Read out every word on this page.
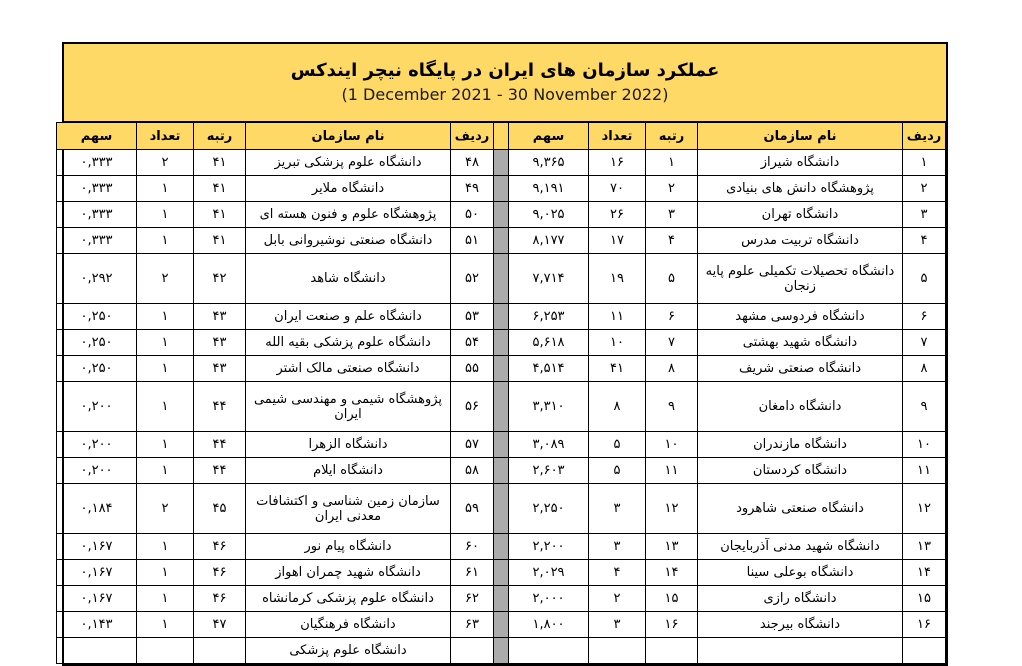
عملکرد سازمان های ایران در پایگاه نیچر ایندکس
(1 December 2021 - 30 November 2022)
ردیف	نام سازمان	رتبه	تعداد	سهم		ردیف	نام سازمان	رتبه	تعداد	سهم
۱	دانشگاه شیراز	۱	۱۶	۹,۳۶۵		۴۸	دانشگاه علوم پزشکی تبریز	۴۱	۲	۰,۳۳۳
۲	پژوهشگاه دانش های بنیادی	۲	۷۰	۹,۱۹۱		۴۹	دانشگاه ملایر	۴۱	۱	۰,۳۳۳
۳	دانشگاه تهران	۳	۲۶	۹,۰۲۵		۵۰	پژوهشگاه علوم و فنون هسته ای	۴۱	۱	۰,۳۳۳
۴	دانشگاه تربیت مدرس	۴	۱۷	۸,۱۷۷		۵۱	دانشگاه صنعتی نوشیروانی بابل	۴۱	۱	۰,۳۳۳
۵	دانشگاه تحصیلات تکمیلی علوم پایه زنجان	۵	۱۹	۷,۷۱۴		۵۲	دانشگاه شاهد	۴۲	۲	۰,۲۹۲
۶	دانشگاه فردوسی مشهد	۶	۱۱	۶,۲۵۳		۵۳	دانشگاه علم و صنعت ایران	۴۳	۱	۰,۲۵۰
۷	دانشگاه شهید بهشتی	۷	۱۰	۵,۶۱۸		۵۴	دانشگاه علوم پزشکی بقیه الله	۴۳	۱	۰,۲۵۰
۸	دانشگاه صنعتی شریف	۸	۴۱	۴,۵۱۴		۵۵	دانشگاه صنعتی مالک اشتر	۴۳	۱	۰,۲۵۰
۹	دانشگاه دامغان	۹	۸	۳,۳۱۰		۵۶	پژوهشگاه شیمی و مهندسی شیمی ایران	۴۴	۱	۰,۲۰۰
۱۰	دانشگاه مازندران	۱۰	۵	۳,۰۸۹		۵۷	دانشگاه الزهرا	۴۴	۱	۰,۲۰۰
۱۱	دانشگاه کردستان	۱۱	۵	۲,۶۰۳		۵۸	دانشگاه ایلام	۴۴	۱	۰,۲۰۰
۱۲	دانشگاه صنعتی شاهرود	۱۲	۳	۲,۲۵۰		۵۹	سازمان زمین شناسی و اکتشافات معدنی ایران	۴۵	۲	۰,۱۸۴
۱۳	دانشگاه شهید مدنی آذربایجان	۱۳	۳	۲,۲۰۰		۶۰	دانشگاه پیام نور	۴۶	۱	۰,۱۶۷
۱۴	دانشگاه بوعلی سینا	۱۴	۴	۲,۰۲۹		۶۱	دانشگاه شهید چمران اهواز	۴۶	۱	۰,۱۶۷
۱۵	دانشگاه رازی	۱۵	۲	۲,۰۰۰		۶۲	دانشگاه علوم پزشکی کرمانشاه	۴۶	۱	۰,۱۶۷
۱۶	دانشگاه بیرجند	۱۶	۳	۱,۸۰۰		۶۳	دانشگاه فرهنگیان	۴۷	۱	۰,۱۴۳
							دانشگاه علوم پزشکی			
